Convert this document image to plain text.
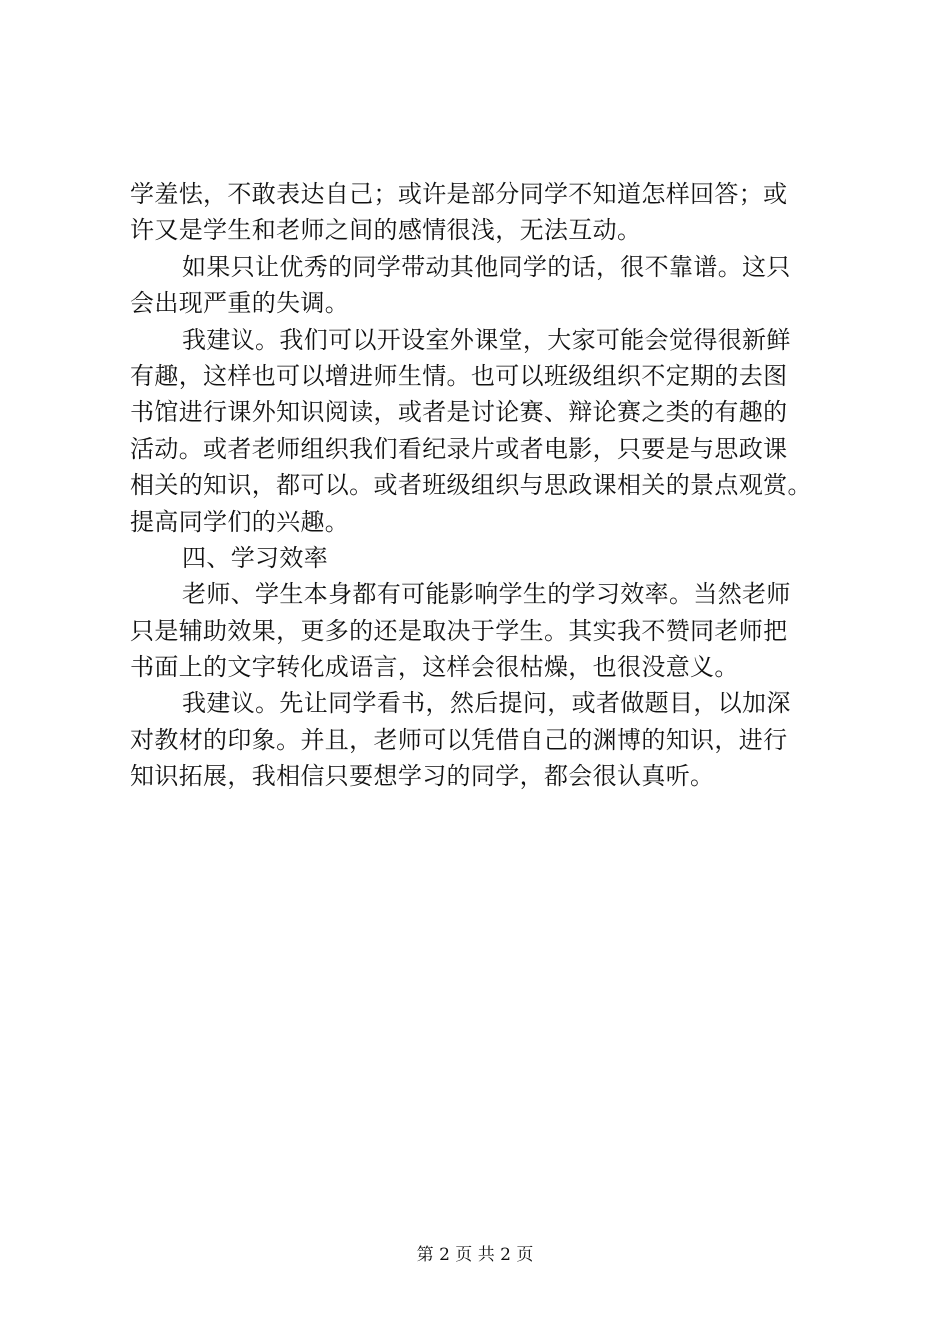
学羞怯，不敢表达自己；或许是部分同学不知道怎样回答；或
许又是学生和老师之间的感情很浅，无法互动。
如果只让优秀的同学带动其他同学的话，很不靠谱。这只
会出现严重的失调。
我建议。我们可以开设室外课堂，大家可能会觉得很新鲜
有趣，这样也可以增进师生情。也可以班级组织不定期的去图
书馆进行课外知识阅读，或者是讨论赛、辩论赛之类的有趣的
活动。或者老师组织我们看纪录片或者电影，只要是与思政课
相关的知识，都可以。或者班级组织与思政课相关的景点观赏。
提高同学们的兴趣。
四、学习效率
老师、学生本身都有可能影响学生的学习效率。当然老师
只是辅助效果，更多的还是取决于学生。其实我不赞同老师把
书面上的文字转化成语言，这样会很枯燥，也很没意义。
我建议。先让同学看书，然后提问，或者做题目，以加深
对教材的印象。并且，老师可以凭借自己的渊博的知识，进行
知识拓展，我相信只要想学习的同学，都会很认真听。
第 2 页 共 2 页
